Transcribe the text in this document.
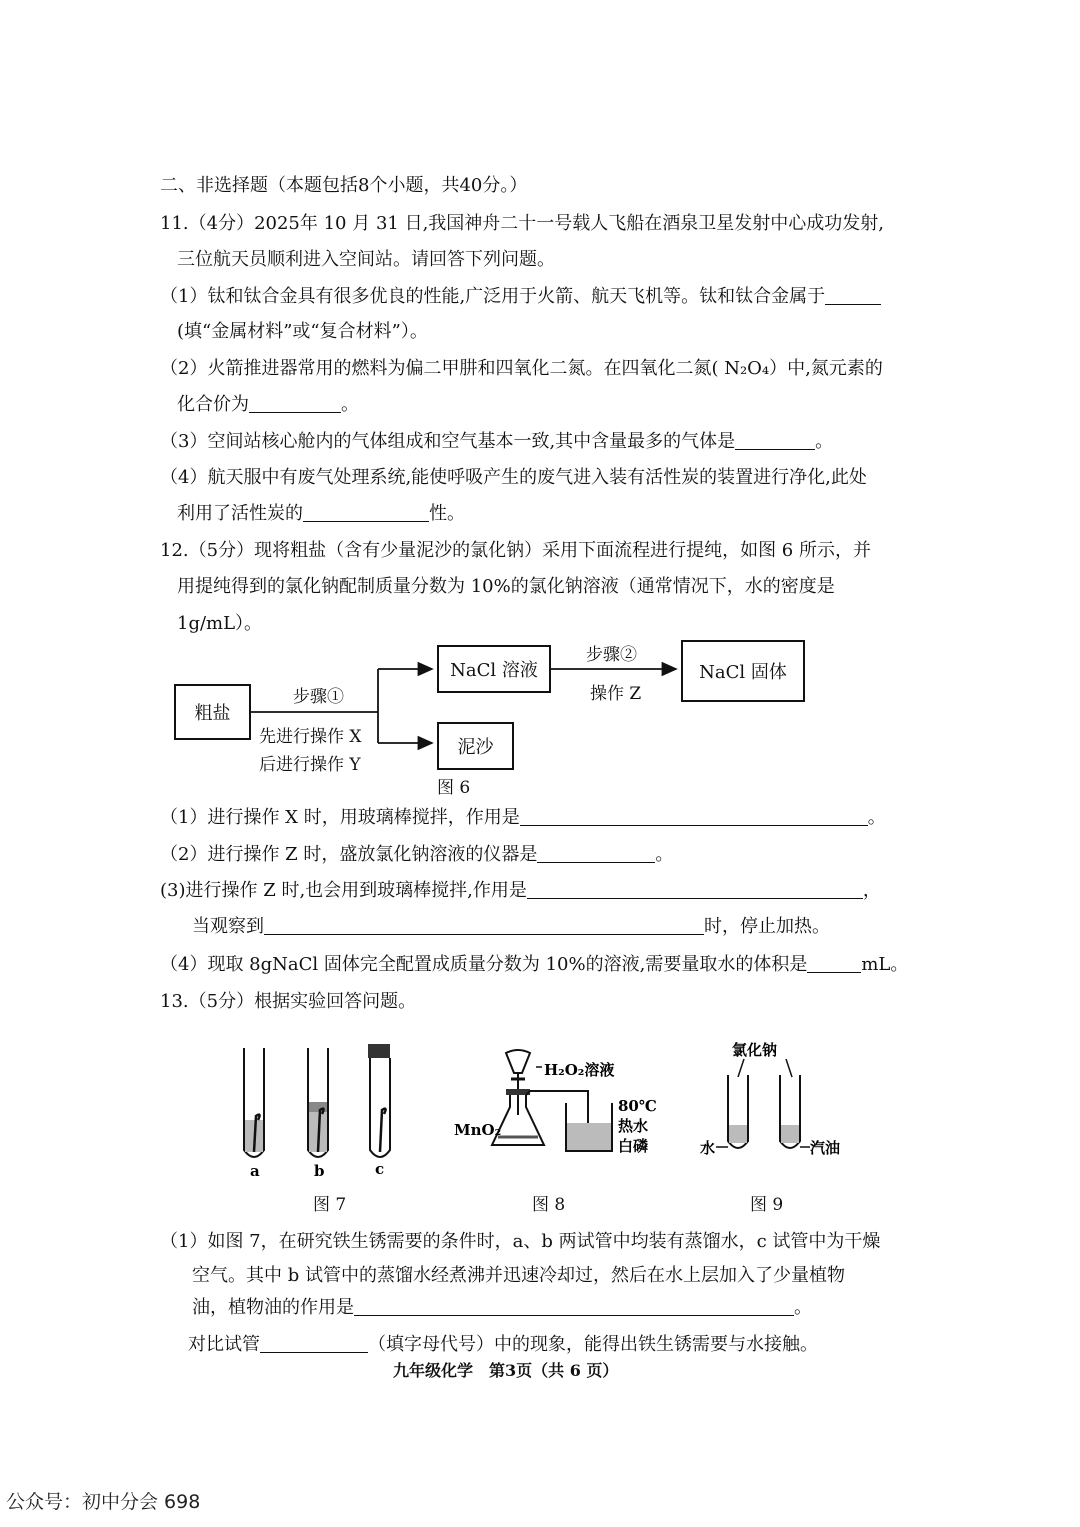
二、非选择题（本题包括8个小题，共40分。）
11.（4分）2025年 10 月 31 日,我国神舟二十一号载人飞船在酒泉卫星发射中心成功发射,
三位航天员顺利进入空间站。请回答下列问题。
（1）钛和钛合金具有很多优良的性能,广泛用于火箭、航天飞机等。钛和钛合金属于
(填“金属材料”或“复合材料”）。
（2）火箭推进器常用的燃料为偏二甲肼和四氧化二氮。在四氧化二氮( N₂O₄）中,氮元素的
化合价为	。
（3）空间站核心舱内的气体组成和空气基本一致,其中含量最多的气体是	。
（4）航天服中有废气处理系统,能使呼吸产生的废气进入装有活性炭的装置进行净化,此处
利用了活性炭的	性。
12.（5分）现将粗盐（含有少量泥沙的氯化钠）采用下面流程进行提纯，如图 6 所示，并
用提纯得到的氯化钠配制质量分数为 10%的氯化钠溶液（通常情况下，水的密度是
1g/mL）。
粗盐
NaCl 溶液	NaCl 固体
泥沙
步骤①
先进行操作 X
后进行操作 Y
步骤②
操作 Z
图 6
（1）进行操作 X 时，用玻璃棒搅拌，作用是	。
（2）进行操作 Z 时，盛放氯化钠溶液的仪器是	。
(3)进行操作 Z 时,也会用到玻璃棒搅拌,作用是	，
当观察到	时，停止加热。
（4）现取 8gNaCl 固体完全配置成质量分数为 10%的溶液,需要量取水的体积是	mL。
13.（5分）根据实验回答问题。
a	b	c
图 7
H₂O₂溶液
MnO₂
80℃
热水
白磷
图 8
氯化钠
水	汽油
图 9
（1）如图 7，在研究铁生锈需要的条件时，a、b 两试管中均装有蒸馏水，c 试管中为干燥
空气。其中 b 试管中的蒸馏水经煮沸并迅速冷却过，然后在水上层加入了少量植物
油，植物油的作用是	。
对比试管	（填字母代号）中的现象，能得出铁生锈需要与水接触。
九年级化学　第3页（共 6 页）
公众号：初中分会 698
